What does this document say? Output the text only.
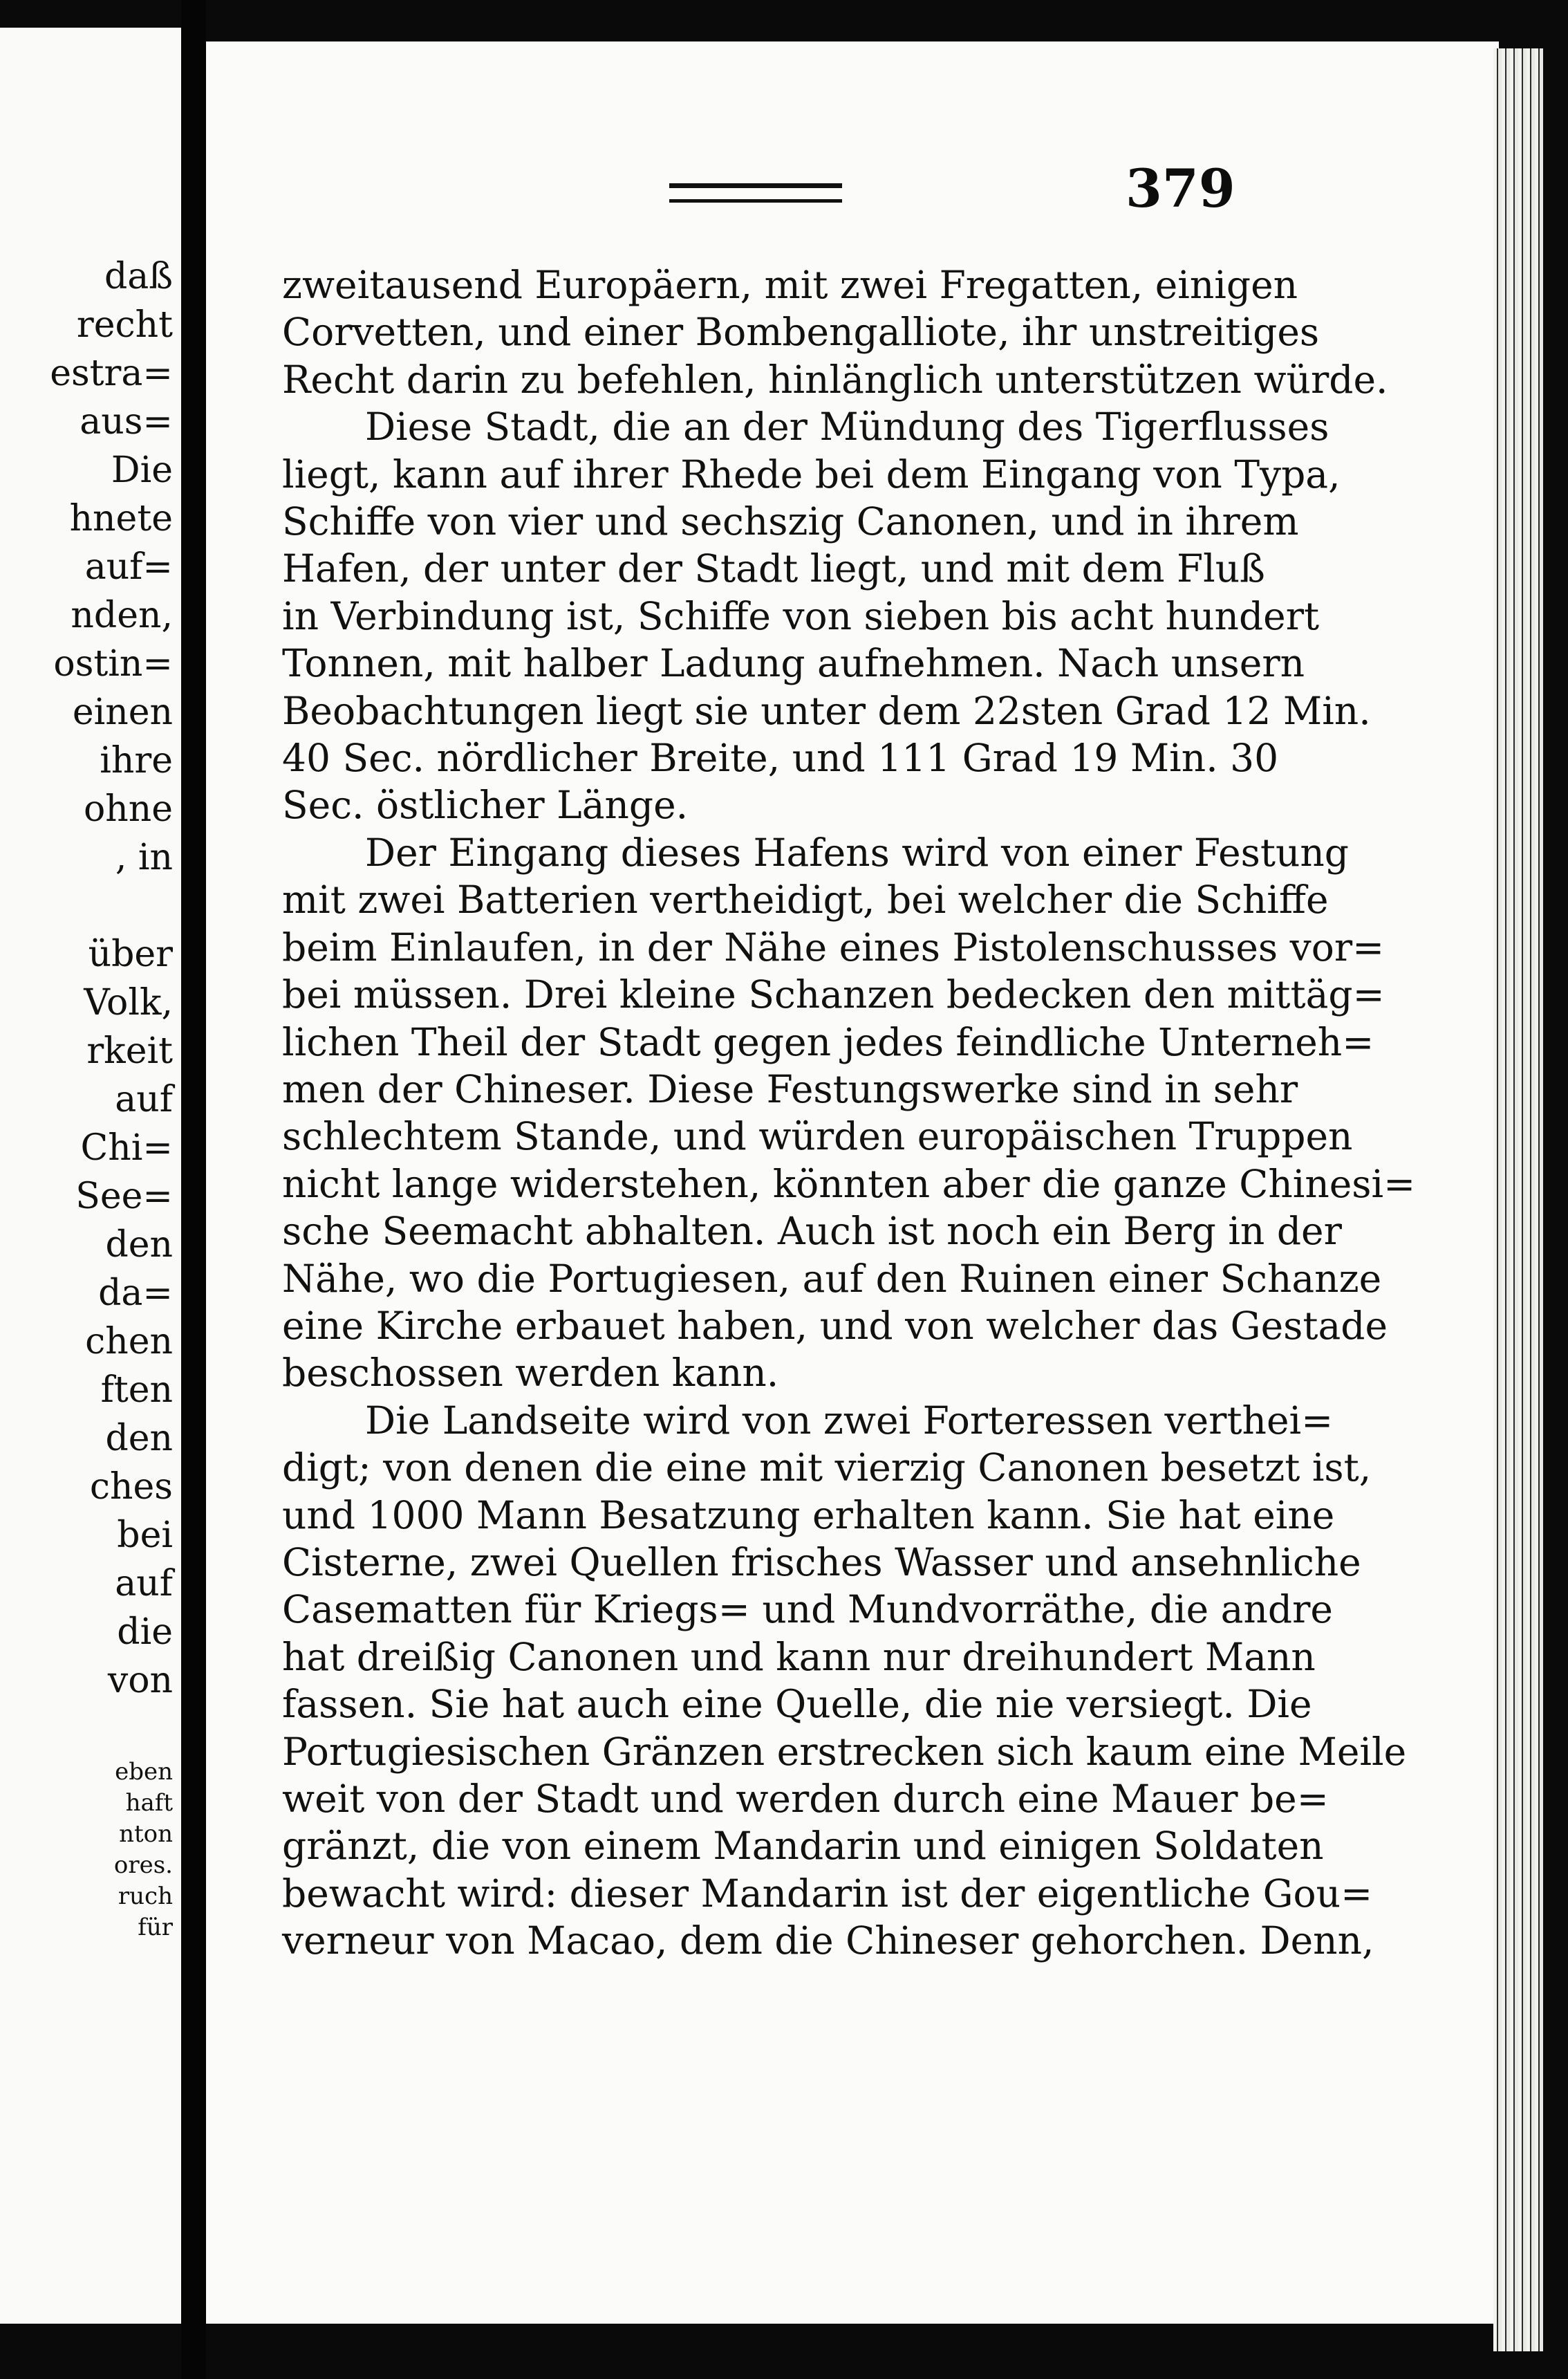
daß
recht
estra=
aus=
Die
hnete
auf=
nden,
ostin=
einen
ihre
ohne
, in
über
Volk,
rkeit
auf
Chi=
See=
den
da=
chen
ften
den
ches
bei
auf
die
von
eben
haft
nton
ores.
ruch
für
379
zweitausend Europäern, mit zwei Fregatten, einigen
Corvetten, und einer Bombengalliote, ihr unstreitiges
Recht darin zu befehlen, hinlänglich unterstützen würde.
Diese Stadt, die an der Mündung des Tigerflusses
liegt, kann auf ihrer Rhede bei dem Eingang von Typa,
Schiffe von vier und sechszig Canonen, und in ihrem
Hafen, der unter der Stadt liegt, und mit dem Fluß
in Verbindung ist, Schiffe von sieben bis acht hundert
Tonnen, mit halber Ladung aufnehmen. Nach unsern
Beobachtungen liegt sie unter dem 22sten Grad 12 Min.
40 Sec. nördlicher Breite, und 111 Grad 19 Min. 30
Sec. östlicher Länge.
Der Eingang dieses Hafens wird von einer Festung
mit zwei Batterien vertheidigt, bei welcher die Schiffe
beim Einlaufen, in der Nähe eines Pistolenschusses vor=
bei müssen. Drei kleine Schanzen bedecken den mittäg=
lichen Theil der Stadt gegen jedes feindliche Unterneh=
men der Chineser. Diese Festungswerke sind in sehr
schlechtem Stande, und würden europäischen Truppen
nicht lange widerstehen, könnten aber die ganze Chinesi=
sche Seemacht abhalten. Auch ist noch ein Berg in der
Nähe, wo die Portugiesen, auf den Ruinen einer Schanze
eine Kirche erbauet haben, und von welcher das Gestade
beschossen werden kann.
Die Landseite wird von zwei Forteressen verthei=
digt; von denen die eine mit vierzig Canonen besetzt ist,
und 1000 Mann Besatzung erhalten kann. Sie hat eine
Cisterne, zwei Quellen frisches Wasser und ansehnliche
Casematten für Kriegs= und Mundvorräthe, die andre
hat dreißig Canonen und kann nur dreihundert Mann
fassen. Sie hat auch eine Quelle, die nie versiegt. Die
Portugiesischen Gränzen erstrecken sich kaum eine Meile
weit von der Stadt und werden durch eine Mauer be=
gränzt, die von einem Mandarin und einigen Soldaten
bewacht wird: dieser Mandarin ist der eigentliche Gou=
verneur von Macao, dem die Chineser gehorchen. Denn,
